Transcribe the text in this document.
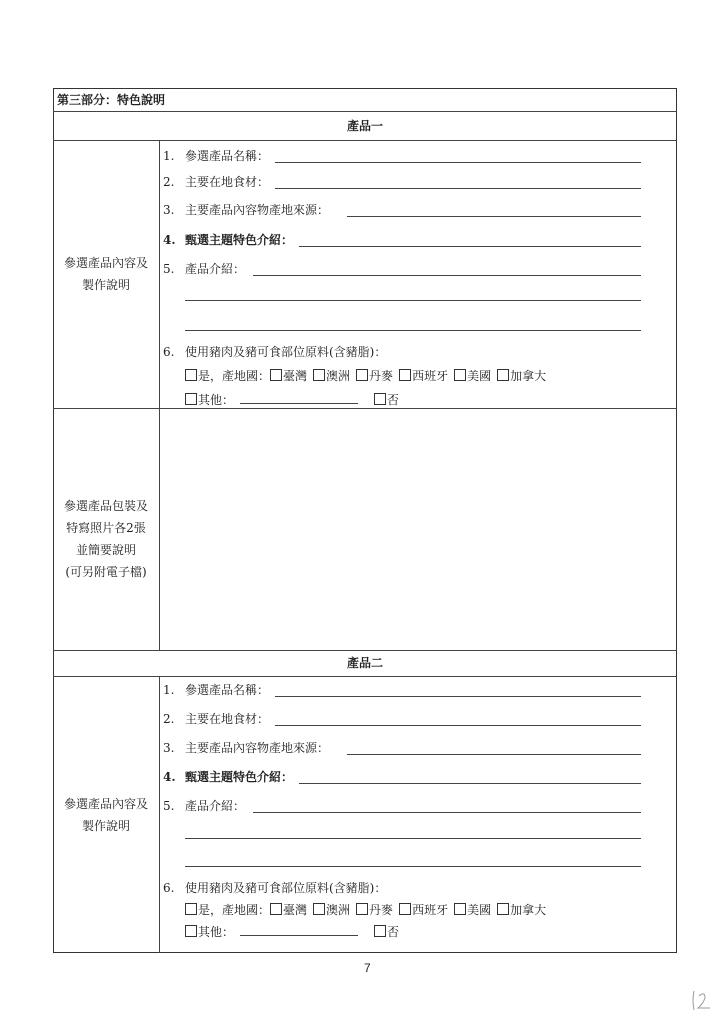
第三部分：特色說明
產品一
參選產品內容及
製作說明
1. 參選產品名稱：
2. 主要在地食材：
3. 主要產品內容物產地來源：
4. 甄選主題特色介紹：
5. 產品介紹：
6. 使用豬肉及豬可食部位原料(含豬脂)：
是，產地國： 臺灣 澳洲 丹麥 西班牙 美國 加拿大
其他：	否
產品二
參選產品內容及
製作說明
1. 參選產品名稱：
2. 主要在地食材：
3. 主要產品內容物產地來源：
4. 甄選主題特色介紹：
5. 產品介紹：
6. 使用豬肉及豬可食部位原料(含豬脂)：
是，產地國： 臺灣 澳洲 丹麥 西班牙 美國 加拿大
其他：	否
參選產品包裝及
特寫照片各2張
並簡要說明
(可另附電子檔)
7
